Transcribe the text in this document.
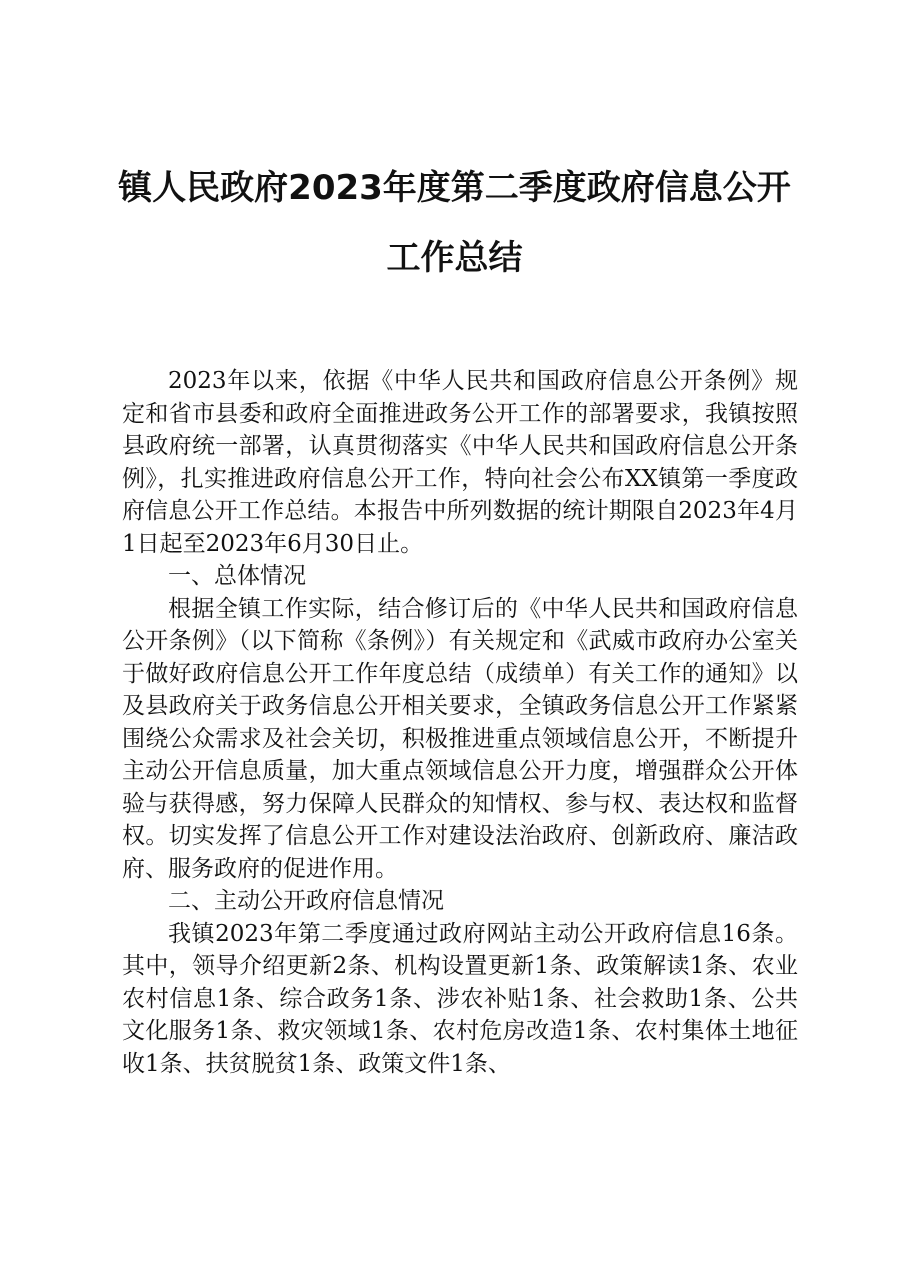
镇人民政府2023年度第二季度政府信息公开
工作总结

2023年以来，依据《中华人民共和国政府信息公开条例》规定和省市县委和政府全面推进政务公开工作的部署要求，我镇按照县政府统一部署，认真贯彻落实《中华人民共和国政府信息公开条例》，扎实推进政府信息公开工作，特向社会公布XX镇第一季度政府信息公开工作总结。本报告中所列数据的统计期限自2023年4月1日起至2023年6月30日止。

一、总体情况

根据全镇工作实际，结合修订后的《中华人民共和国政府信息公开条例》（以下简称《条例》）有关规定和《武威市政府办公室关于做好政府信息公开工作年度总结（成绩单）有关工作的通知》以及县政府关于政务信息公开相关要求，全镇政务信息公开工作紧紧围绕公众需求及社会关切，积极推进重点领域信息公开，不断提升主动公开信息质量，加大重点领域信息公开力度，增强群众公开体验与获得感，努力保障人民群众的知情权、参与权、表达权和监督权。切实发挥了信息公开工作对建设法治政府、创新政府、廉洁政府、服务政府的促进作用。

二、主动公开政府信息情况

我镇2023年第二季度通过政府网站主动公开政府信息16条。其中，领导介绍更新2条、机构设置更新1条、政策解读1条、农业农村信息1条、综合政务1条、涉农补贴1条、社会救助1条、公共文化服务1条、救灾领域1条、农村危房改造1条、农村集体土地征收1条、扶贫脱贫1条、政策文件1条、
